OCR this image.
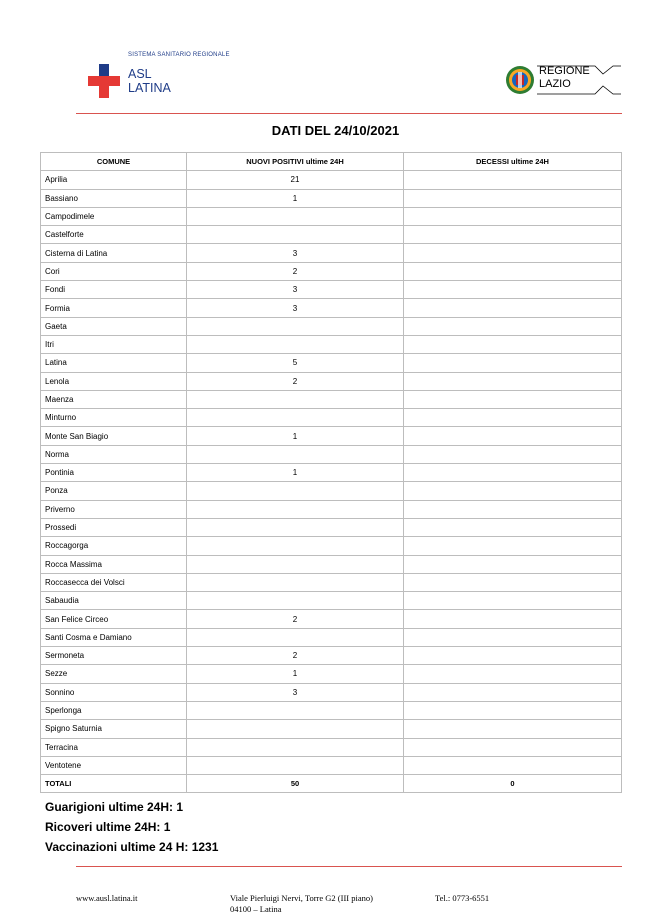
SISTEMA SANITARIO REGIONALE
ASL
LATINA
REGIONE
LAZIO
DATI DEL 24/10/2021
COMUNE	NUOVI POSITIVI ultime 24H	DECESSI ultime 24H
Aprilia	21	
Bassiano	1	
Campodimele		
Castelforte		
Cisterna di Latina	3	
Cori	2	
Fondi	3	
Formia	3	
Gaeta		
Itri		
Latina	5	
Lenola	2	
Maenza		
Minturno		
Monte San Biagio	1	
Norma		
Pontinia	1	
Ponza		
Priverno		
Prossedi		
Roccagorga		
Rocca Massima		
Roccasecca dei Volsci		
Sabaudia		
San Felice Circeo	2	
Santi Cosma e Damiano		
Sermoneta	2	
Sezze	1	
Sonnino	3	
Sperlonga		
Spigno Saturnia		
Terracina		
Ventotene		
TOTALI	50	0
Guarigioni ultime 24H: 1
Ricoveri ultime 24H: 1
Vaccinazioni ultime 24 H: 1231
www.ausl.latina.it	Viale Pierluigi Nervi, Torre G2 (III piano)
04100 – Latina
Tel.: 0773-6551
